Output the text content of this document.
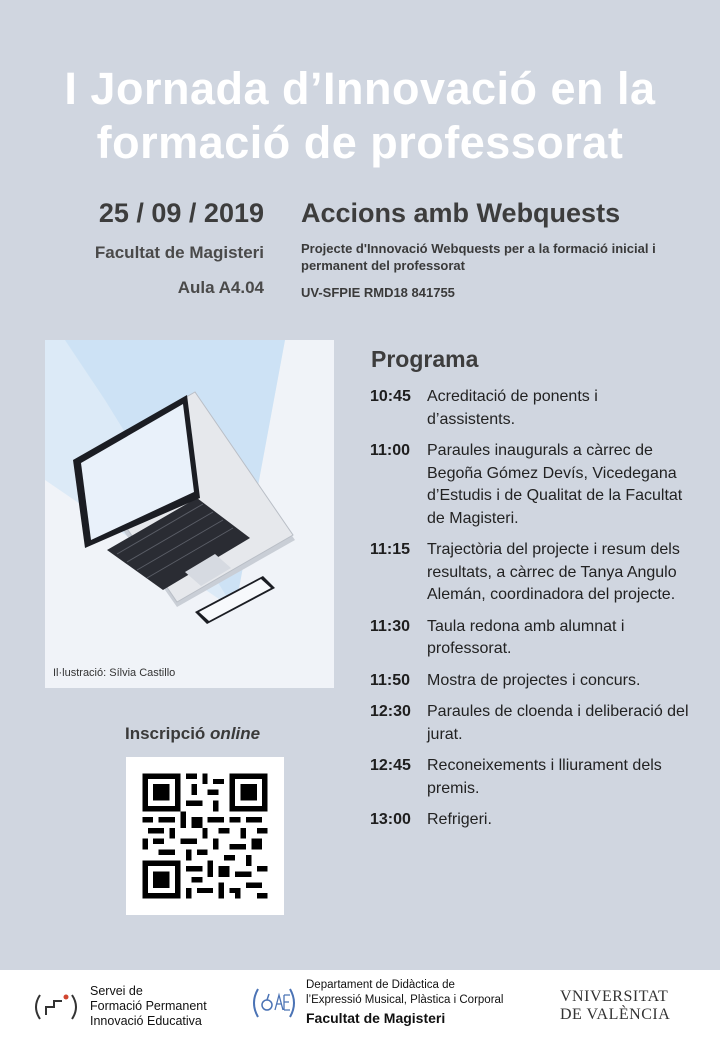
I Jornada d’Innovació en la
formació de professorat
25 / 09 / 2019
Facultat de Magisteri
Aula A4.04
Accions amb Webquests
Projecte d'Innovació Webquests per a la formació inicial i permanent del professorat
UV-SFPIE RMD18 841755
Il·lustració: Sílvia Castillo
Inscripció online
Programa
10:45	Acreditació de ponents i d’assistents.
11:00	Paraules inaugurals a càrrec de Begoña Gómez Devís, Vicedegana d’Estudis i de Qualitat de la Facultat de Magisteri.
11:15	Trajectòria del projecte i resum dels resultats, a càrrec de Tanya Angulo Alemán, coordinadora del projecte.
11:30	Taula redona amb alumnat i professorat.
11:50	Mostra de projectes i concurs.
12:30	Paraules de cloenda i deliberació del jurat.
12:45	Reconeixements i lliurament dels premis.
13:00	Refrigeri.
Servei de
Formació Permanent
Innovació Educativa
Departament de Didàctica de
l’Expressió Musical, Plàstica i Corporal
Facultat de Magisteri
VNIVERSITAT
DE VALÈNCIA
